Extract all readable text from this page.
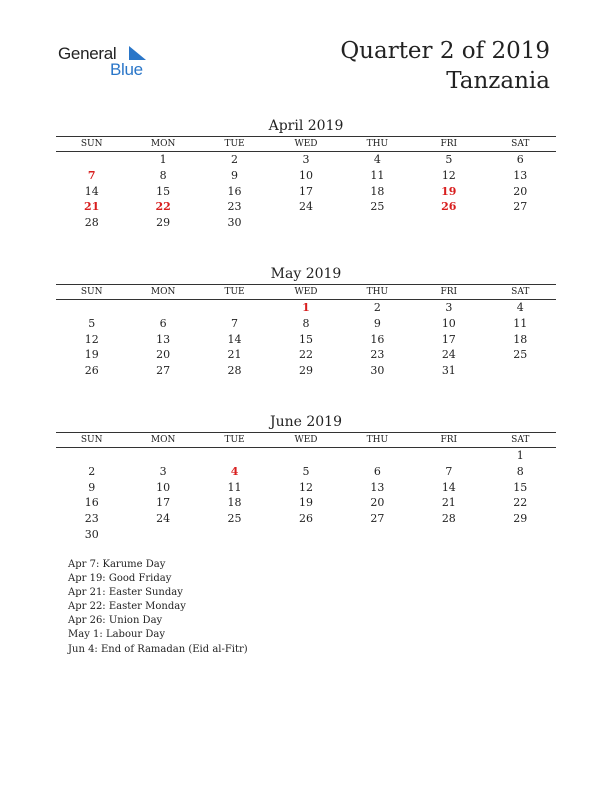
General
Blue
Quarter 2 of 2019
Tanzania
April 2019
SUN	MON	TUE	WED	THU	FRI	SAT
	1	2	3	4	5	6
7	8	9	10	11	12	13
14	15	16	17	18	19	20
21	22	23	24	25	26	27
28	29	30				
May 2019
SUN	MON	TUE	WED	THU	FRI	SAT
			1	2	3	4
5	6	7	8	9	10	11
12	13	14	15	16	17	18
19	20	21	22	23	24	25
26	27	28	29	30	31	
June 2019
SUN	MON	TUE	WED	THU	FRI	SAT
						1
2	3	4	5	6	7	8
9	10	11	12	13	14	15
16	17	18	19	20	21	22
23	24	25	26	27	28	29
30						
Apr 7: Karume Day
Apr 19: Good Friday
Apr 21: Easter Sunday
Apr 22: Easter Monday
Apr 26: Union Day
May 1: Labour Day
Jun 4: End of Ramadan (Eid al-Fitr)
